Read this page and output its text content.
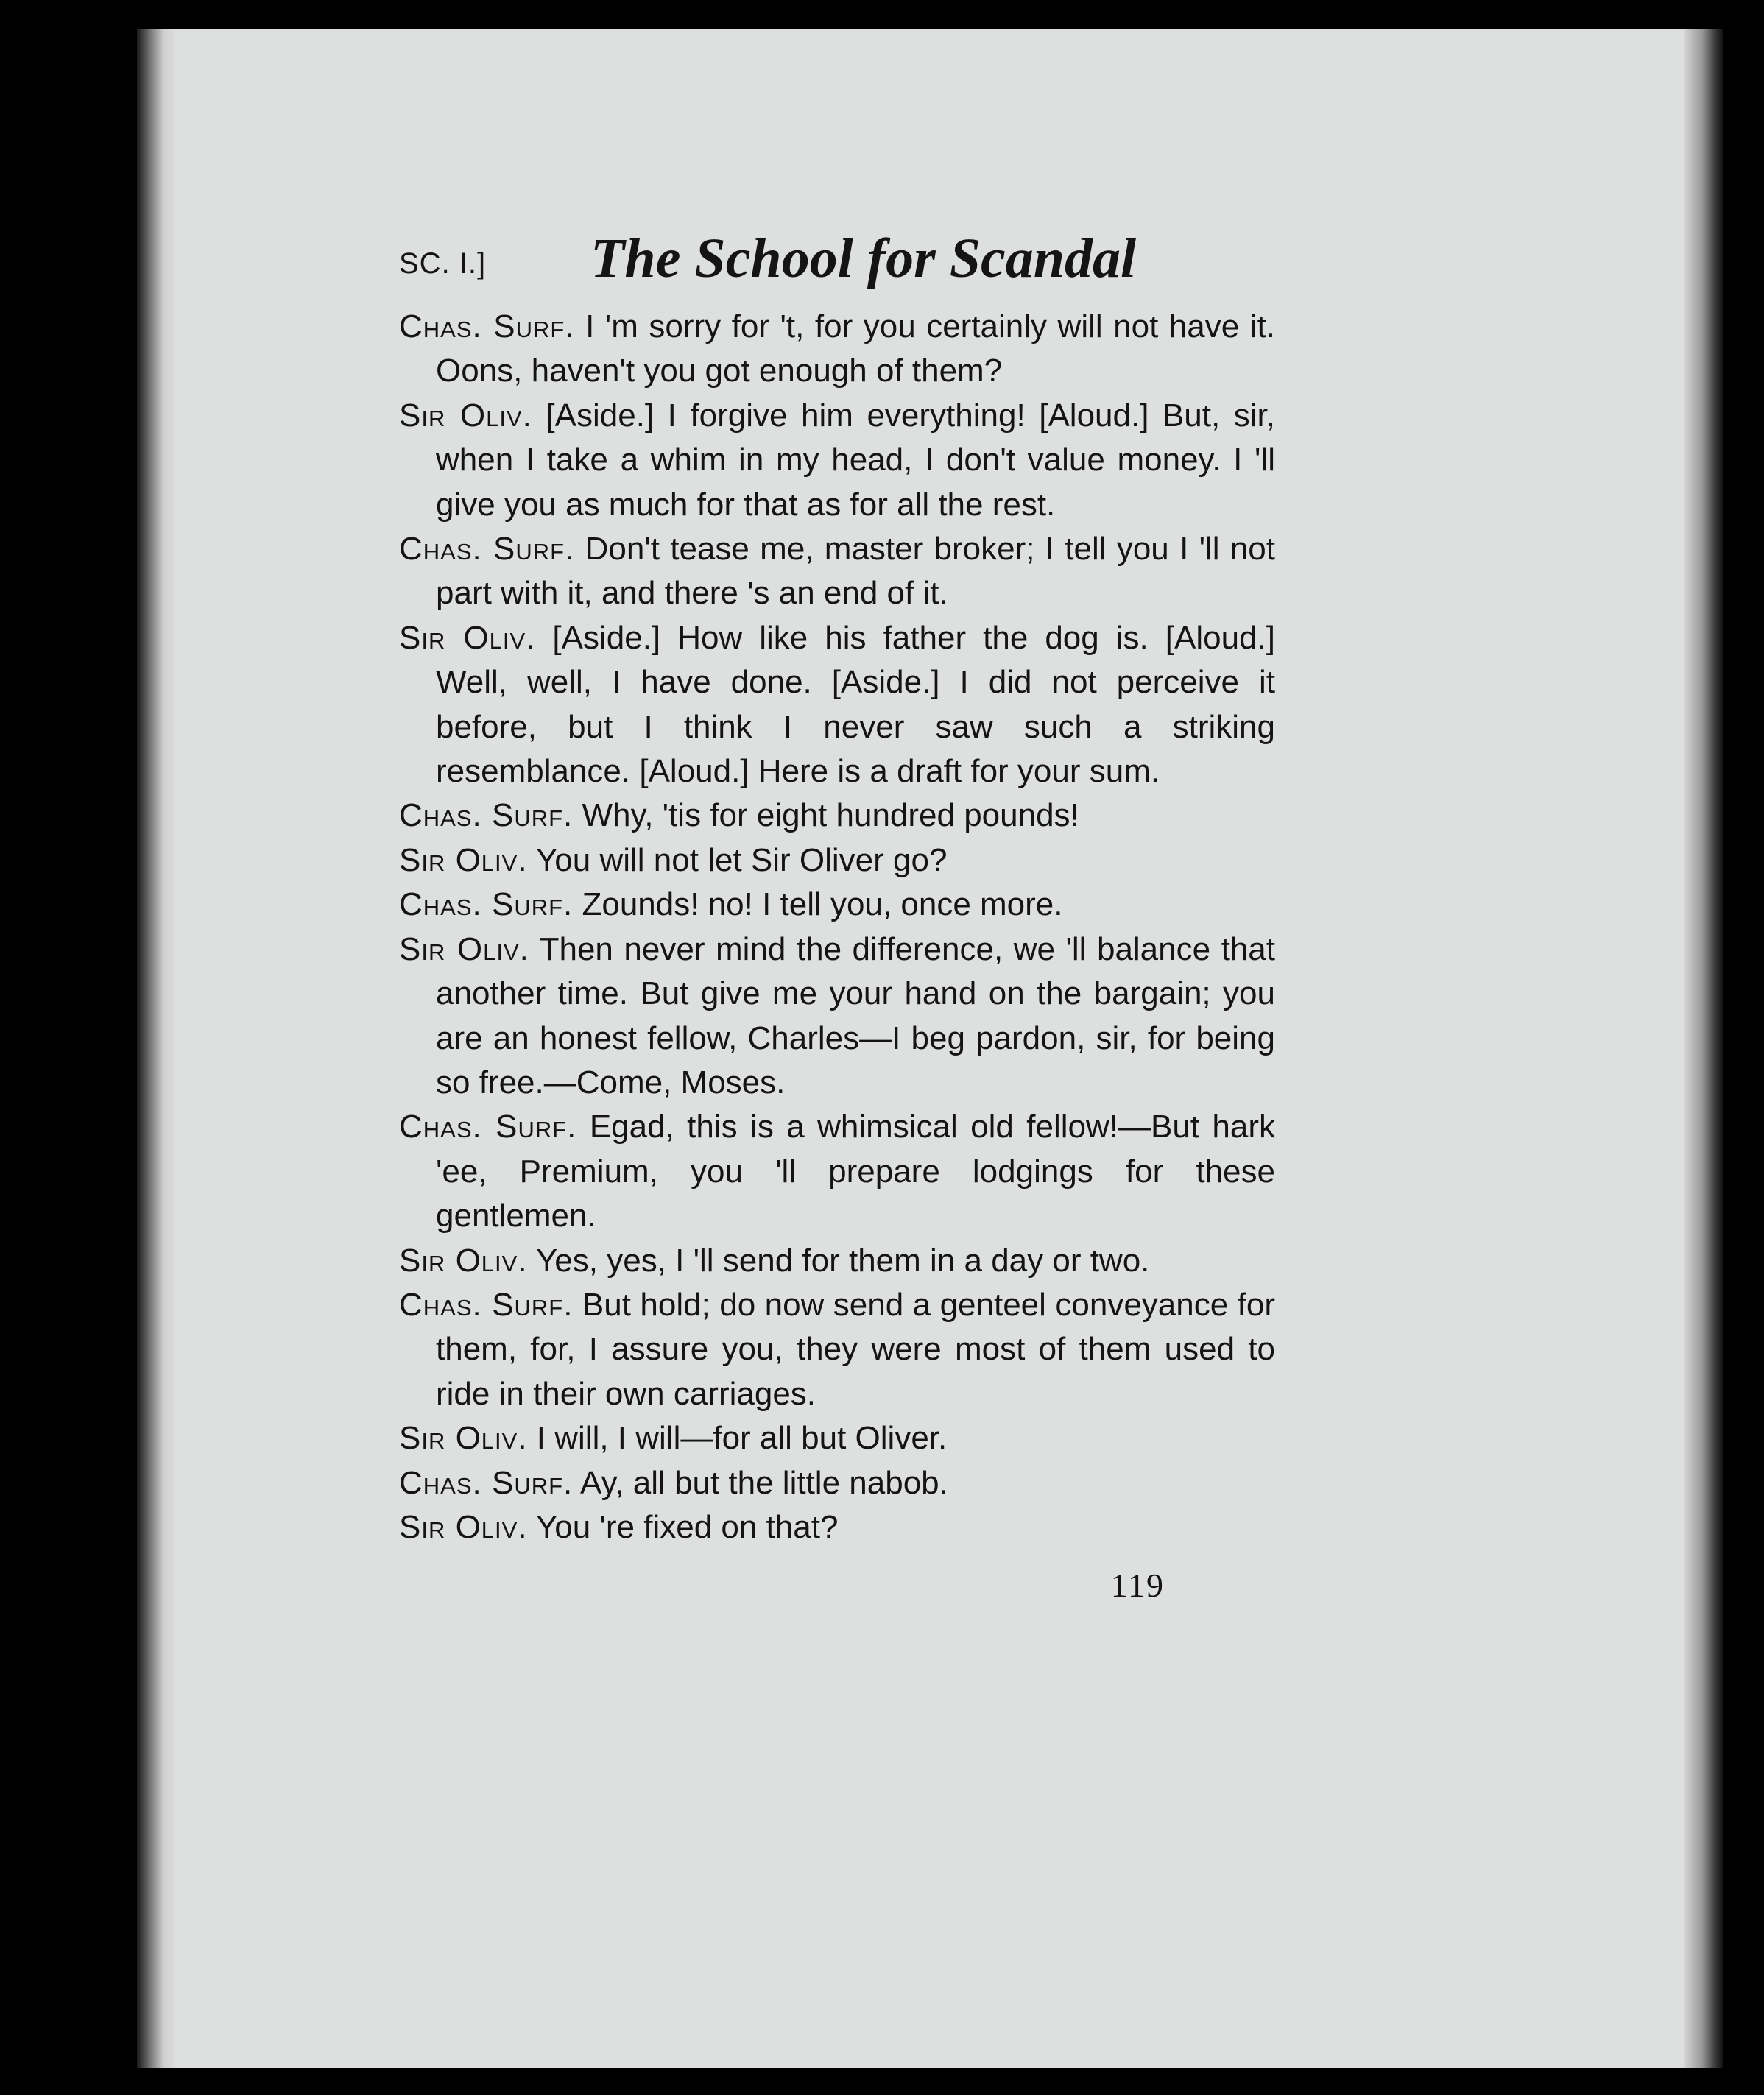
SC. I.] The School for Scandal

Chas. Surf. I 'm sorry for 't, for you certainly will not have it. Oons, haven't you got enough of them?

Sir Oliv. [Aside.] I forgive him everything! [Aloud.] But, sir, when I take a whim in my head, I don't value money. I 'll give you as much for that as for all the rest.

Chas. Surf. Don't tease me, master broker; I tell you I 'll not part with it, and there 's an end of it.

Sir Oliv. [Aside.] How like his father the dog is. [Aloud.] Well, well, I have done. [Aside.] I did not perceive it before, but I think I never saw such a striking resemblance. [Aloud.] Here is a draft for your sum.

Chas. Surf. Why, 'tis for eight hundred pounds!

Sir Oliv. You will not let Sir Oliver go?

Chas. Surf. Zounds! no! I tell you, once more.

Sir Oliv. Then never mind the difference, we 'll balance that another time. But give me your hand on the bargain; you are an honest fellow, Charles—I beg pardon, sir, for being so free.—Come, Moses.

Chas. Surf. Egad, this is a whimsical old fellow!—But hark 'ee, Premium, you 'll prepare lodgings for these gentlemen.

Sir Oliv. Yes, yes, I 'll send for them in a day or two.

Chas. Surf. But hold; do now send a genteel conveyance for them, for, I assure you, they were most of them used to ride in their own carriages.

Sir Oliv. I will, I will—for all but Oliver.

Chas. Surf. Ay, all but the little nabob.

Sir Oliv. You 're fixed on that?

119
